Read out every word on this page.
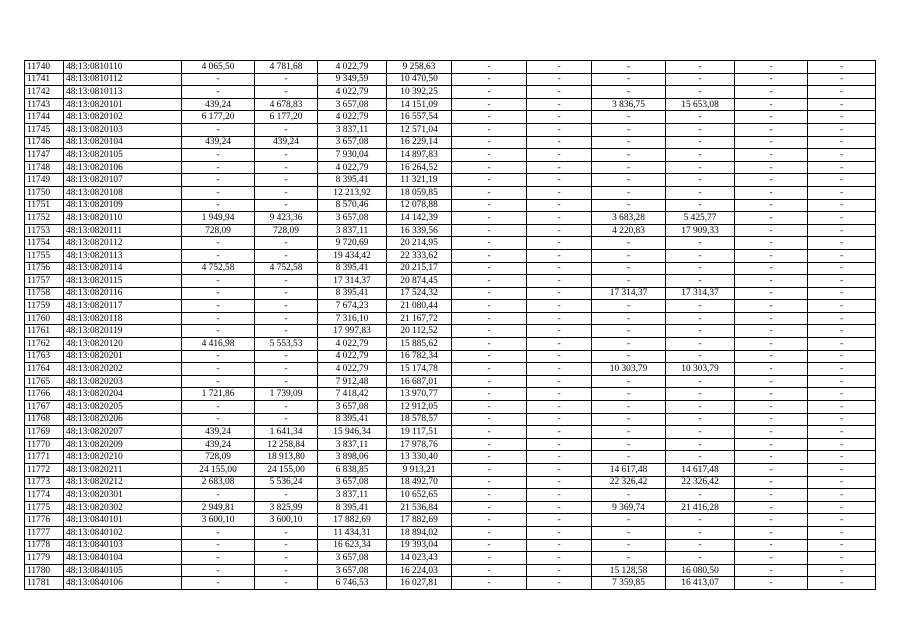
11740	48:13:0810110	4 065,50	4 781,68	4 022,79	9 258,63	-	-	-	-	-	-
11741	48:13:0810112	-	-	9 349,59	10 470,50	-	-	-	-	-	-
11742	48:13:0810113	-	-	4 022,79	10 392,25	-	-	-	-	-	-
11743	48:13:0820101	439,24	4 678,83	3 657,08	14 151,09	-	-	3 836,75	15 653,08	-	-
11744	48:13:0820102	6 177,20	6 177,20	4 022,79	16 557,54	-	-	-	-	-	-
11745	48:13:0820103	-	-	3 837,11	12 571,04	-	-	-	-	-	-
11746	48:13:0820104	439,24	439,24	3 657,08	16 229,14	-	-	-	-	-	-
11747	48:13:0820105	-	-	7 930,04	14 897,83	-	-	-	-	-	-
11748	48:13:0820106	-	-	4 022,79	16 264,52	-	-	-	-	-	-
11749	48:13:0820107	-	-	8 395,41	11 321,19	-	-	-	-	-	-
11750	48:13:0820108	-	-	12 213,92	18 059,85	-	-	-	-	-	-
11751	48:13:0820109	-	-	8 570,46	12 078,88	-	-	-	-	-	-
11752	48:13:0820110	1 949,94	9 423,36	3 657,08	14 142,39	-	-	3 683,28	5 425,77	-	-
11753	48:13:0820111	728,09	728,09	3 837,11	16 339,56	-	-	4 220,83	17 909,33	-	-
11754	48:13:0820112	-	-	9 720,69	20 214,95	-	-	-	-	-	-
11755	48:13:0820113	-	-	19 434,42	22 333,62	-	-	-	-	-	-
11756	48:13:0820114	4 752,58	4 752,58	8 395,41	20 215,17	-	-	-	-	-	-
11757	48:13:0820115	-	-	17 314,37	20 874,45	-	-	-	-	-	-
11758	48:13:0820116	-	-	8 395,41	17 524,32	-	-	17 314,37	17 314,37	-	-
11759	48:13:0820117	-	-	7 674,23	21 080,44	-	-	-	-	-	-
11760	48:13:0820118	-	-	7 316,10	21 167,72	-	-	-	-	-	-
11761	48:13:0820119	-	-	17 997,83	20 112,52	-	-	-	-	-	-
11762	48:13:0820120	4 416,98	5 553,53	4 022,79	15 885,62	-	-	-	-	-	-
11763	48:13:0820201	-	-	4 022,79	16 782,34	-	-	-	-	-	-
11764	48:13:0820202	-	-	4 022,79	15 174,78	-	-	10 303,79	10 303,79	-	-
11765	48:13:0820203	-	-	7 912,48	16 687,01	-	-	-	-	-	-
11766	48:13:0820204	1 721,86	1 739,09	7 418,42	13 970,77	-	-	-	-	-	-
11767	48:13:0820205	-	-	3 657,08	12 912,05	-	-	-	-	-	-
11768	48:13:0820206	-	-	8 395,41	18 578,57	-	-	-	-	-	-
11769	48:13:0820207	439,24	1 641,34	15 946,34	19 117,51	-	-	-	-	-	-
11770	48:13:0820209	439,24	12 258,84	3 837,11	17 978,76	-	-	-	-	-	-
11771	48:13:0820210	728,09	18 913,80	3 898,06	13 330,40	-	-	-	-	-	-
11772	48:13:0820211	24 155,00	24 155,00	6 838,85	9 913,21	-	-	14 617,48	14 617,48	-	-
11773	48:13:0820212	2 683,08	5 536,24	3 657,08	18 492,70	-	-	22 326,42	22 326,42	-	-
11774	48:13:0820301	-	-	3 837,11	10 652,65	-	-	-	-	-	-
11775	48:13:0820302	2 949,81	3 825,99	8 395,41	21 536,84	-	-	9 369,74	21 416,28	-	-
11776	48:13:0840101	3 600,10	3 600,10	17 882,69	17 882,69	-	-	-	-	-	-
11777	48:13:0840102	-	-	11 434,31	18 894,02	-	-	-	-	-	-
11778	48:13:0840103	-	-	16 623,34	19 393,04	-	-	-	-	-	-
11779	48:13:0840104	-	-	3 657,08	14 023,43	-	-	-	-	-	-
11780	48:13:0840105	-	-	3 657,08	16 224,03	-	-	15 128,58	16 080,50	-	-
11781	48:13:0840106	-	-	6 746,53	16 027,81	-	-	7 359,85	16 413,07	-	-
